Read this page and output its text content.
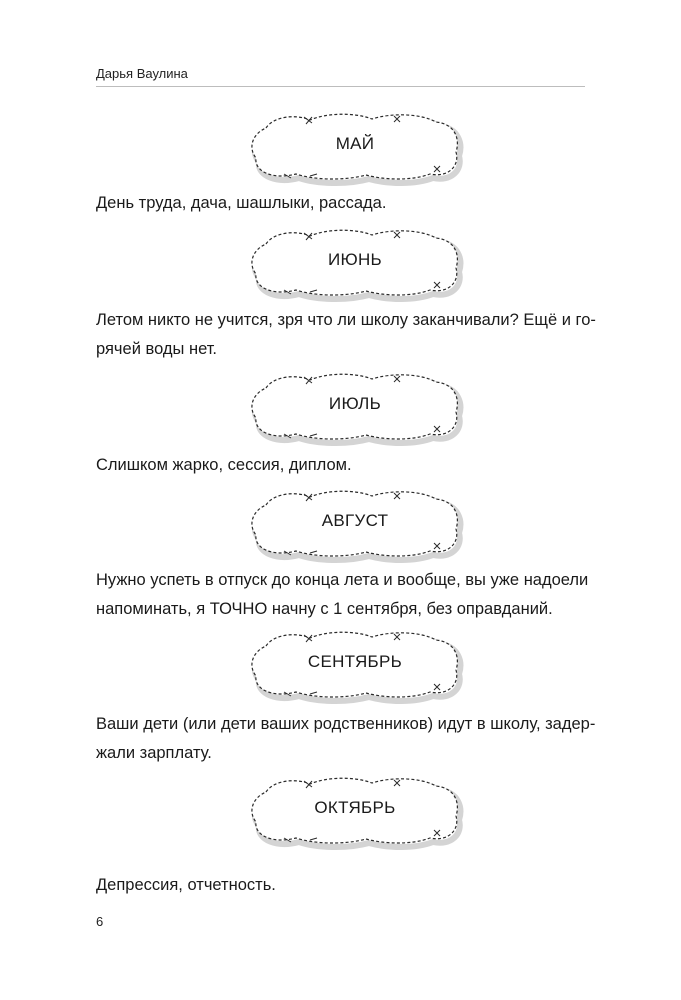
Дарья Ваулина
МАЙ

День труда, дача, шашлыки, рассада.

ИЮНЬ

Летом никто не учится, зря что ли школу заканчивали? Ещё и го-
рячей воды нет.

ИЮЛЬ

Слишком жарко, сессия, диплом.

АВГУСТ

Нужно успеть в отпуск до конца лета и вообще, вы уже надоели
напоминать, я ТОЧНО начну с 1 сентября, без оправданий.

СЕНТЯБРЬ

Ваши дети (или дети ваших родственников) идут в школу, задер-
жали зарплату.

ОКТЯБРЬ

Депрессия, отчетность.

6
